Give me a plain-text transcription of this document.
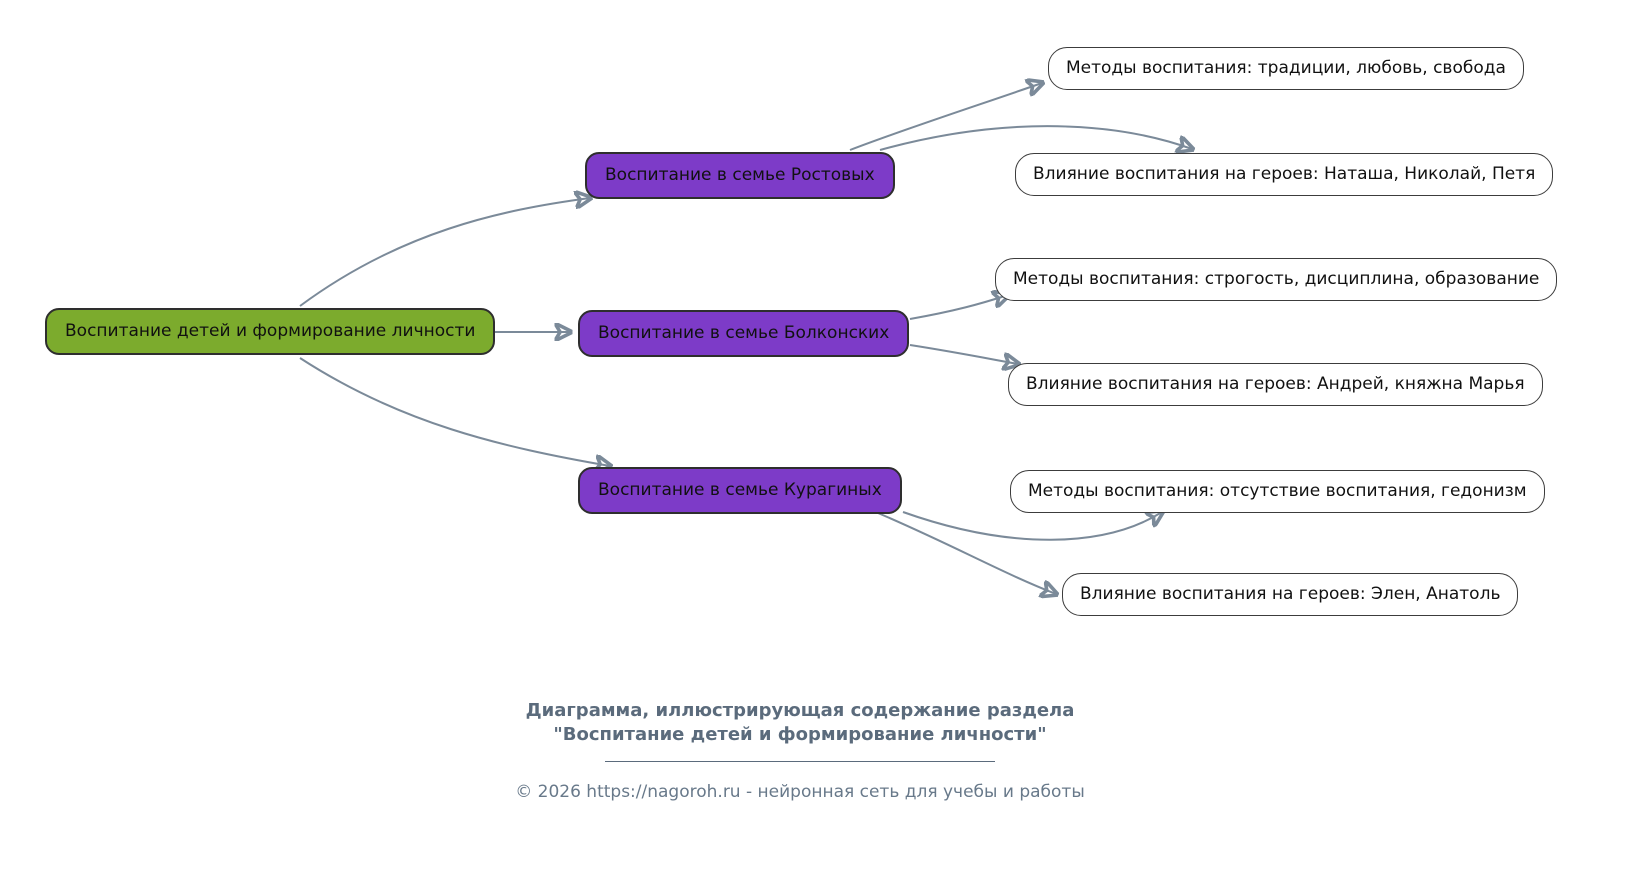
Воспитание детей и формирование личности
Воспитание в семье Ростовых
Воспитание в семье Болконских
Воспитание в семье Курагиных
Методы воспитания: традиции, любовь, свобода
Влияние воспитания на героев: Наташа, Николай, Петя
Методы воспитания: строгость, дисциплина, образование
Влияние воспитания на героев: Андрей, княжна Марья
Методы воспитания: отсутствие воспитания, гедонизм
Влияние воспитания на героев: Элен, Анатоль
Диаграмма, иллюстрирующая содержание раздела
"Воспитание детей и формирование личности"
© 2026 https://nagoroh.ru - нейронная сеть для учебы и работы
